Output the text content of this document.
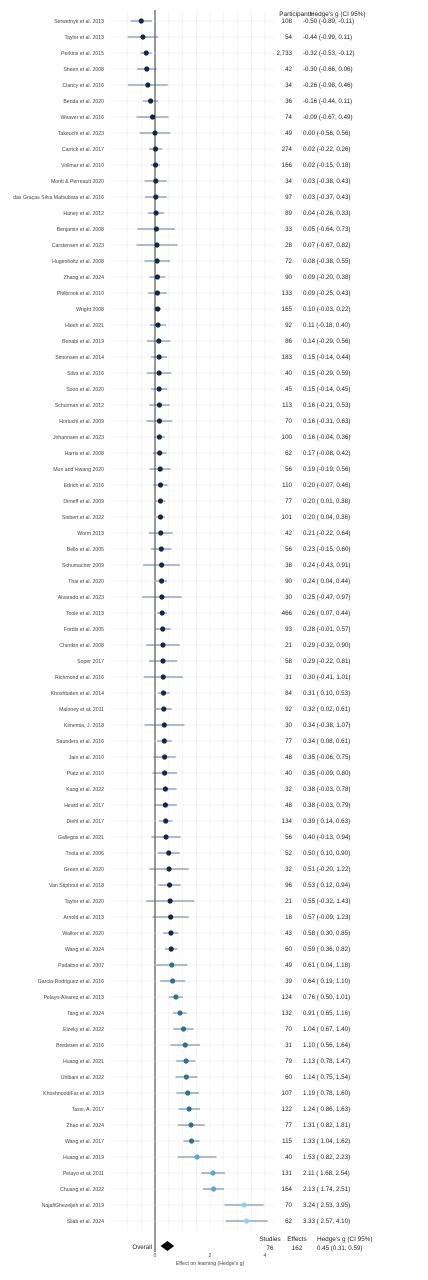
Serwetnyk et al. 2013	108 -0.50 (-0.89, -0.11)
Taylor et al. 2013	54 -0.44 (-0.99, 0.11)
Perkins et al. 2015	2,733 -0.32 (-0.53, -0.12)
Sheen et al. 2008	42 -0.30 (-0.66, 0.06)
Clancy et al. 2016	34 -0.26 (-0.98, 0.46)
Benda et al. 2020	36 -0.16 (-0.44, 0.11)
Weaver et al. 2016	74 -0.09 (-0.67, 0.49)
Takeuchi et al. 2023	49 0.00 (-0.56, 0.56)
Carrick et al. 2017	274 0.02 (-0.22, 0.26)
Vollmar et al. 2010	166 0.02 (-0.15, 0.18)
Monti & Perreault 2020	34 0.03 (-0.38, 0.43)
das Graças Silva Matsubara et al. 2016	97 0.03 (-0.37, 0.43)
Haney et al. 2012	89 0.04 (-0.26, 0.33)
Benjamin et al. 2008	33 0.05 (-0.64, 0.73)
Carstensen et al. 2023	28 0.07 (-0.67, 0.82)
Hugenholtz et al. 2008	72 0.08 (-0.38, 0.55)
Zhang et al. 2024	90 0.09 (-0.20, 0.38)
Philbrook et al. 2010	133 0.09 (-0.25, 0.43)
Wright 2008	165 0.10 (-0.03, 0.22)
Hsieh et al. 2021	92 0.11 (-0.18, 0.40)
Bonabi et al. 2019	86 0.14 (-0.29, 0.56)
Simonsen et al. 2014	183 0.15 (-0.14, 0.44)
Silva et al. 2016	40 0.15 (-0.29, 0.59)
Soon et al. 2020	45 0.15 (-0.14, 0.45)
Schurman et al. 2012	113 0.16 (-0.21, 0.53)
Horiuchi et al. 2009	70 0.16 (-0.31, 0.63)
Johannsen et al. 2023	100 0.16 (-0.04, 0.36)
Harris et al. 2008	62 0.17 (-0.08, 0.42)
Mun and Hwang 2020	56 0.19 (-0.19, 0.56)
Edrich et al. 2016	110 0.20 (-0.07, 0.46)
Dimeff et al. 2009	77 0.20 ( 0.01, 0.38)
Siebert et al. 2022	101 0.20 ( 0.04, 0.36)
Worm 2013	42 0.21 (-0.22, 0.64)
Bello et al. 2005	56 0.23 (-0.15, 0.60)
Schumacher 2009	38 0.24 (-0.43, 0.91)
Thai et al. 2020	90 0.24 ( 0.04, 0.44)
Alvarado et al. 2023	30 0.25 (-0.47, 0.97)
Toole et al. 2013	466 0.26 ( 0.07, 0.44)
Fordis et al. 2005	93 0.28 (-0.01, 0.57)
Cherikin et al. 2008	21 0.29 (-0.32, 0.90)
Soper 2017	58 0.29 (-0.22, 0.81)
Richmond et al. 2016	31 0.30 (-0.41, 1.01)
Khoshbaten et al. 2014	84 0.31 ( 0.10, 0.53)
Maloney et al. 2011	92 0.32 ( 0.02, 0.61)
Kimemia, J. 2018	30 0.34 (-0.38, 1.07)
Saunders et al. 2016	77 0.34 ( 0.08, 0.61)
Jain et al. 2010	48 0.35 (-0.06, 0.75)
Platz et al. 2010	40 0.35 (-0.09, 0.80)
Kang et al. 2022	32 0.38 (-0.03, 0.78)
Heard et al. 2017	48 0.38 (-0.03, 0.79)
Diehl et al. 2017	134 0.39 ( 0.14, 0.63)
Gallegos et al. 2021	56 0.40 (-0.13, 0.94)
Triola et al. 2006	52 0.50 ( 0.10, 0.90)
Green et al. 2020	32 0.51 (-0.20, 1.22)
Van Stiphout et al. 2018	96 0.53 ( 0.12, 0.94)
Taylor et al. 2020	21 0.55 (-0.32, 1.43)
Arnold et al. 2013	18 0.57 (-0.09, 1.23)
Walker et al. 2020	43 0.58 ( 0.30, 0.85)
Wang et al. 2024	60 0.59 ( 0.36, 0.82)
Padalino et al. 2007	49 0.61 ( 0.04, 1.18)
Garcia-Rodriguez et al. 2016	39 0.64 ( 0.19, 1.10)
Pelayo-Alvarez et al. 2013	124 0.76 ( 0.50, 1.01)
Tang et al. 2024	132 0.91 ( 0.65, 1.16)
Elzeky et al. 2022	70 1.04 ( 0.67, 1.40)
Bredesen et al. 2016	31 1.10 ( 0.56, 1.64)
Huang et al. 2021	79 1.13 ( 0.78, 1.47)
Uhlbani et al. 2022	60 1.14 ( 0.75, 1.54)
KhoshnoodiFar et al. 2019	107 1.19 ( 0.78, 1.60)
Tassi, A. 2017	122 1.24 ( 0.86, 1.63)
Zhao et al. 2024	77 1.31 ( 0.82, 1.81)
Wang et al. 2017	115 1.33 ( 1.04, 1.62)
Huang et al. 2019	40 1.53 ( 0.82, 2.23)
Pelayo et al. 2011	131 2.11 ( 1.68, 2.54)
Chuang et al. 2022	164 2.13 ( 1.74, 2.51)
NajafiGhezeljeh et al. 2019	70 3.24 ( 2.53, 3.95)
Silab et al. 2024	62 3.33 ( 2.57, 4.10)
Participants
Hedge's g (CI 95%)
Overall
Studies Effects Hedge's g (CI 95%)
76	162 0.45 (0.31, 0.59)
0	2	4
Effect on learning (Hedge's g)
